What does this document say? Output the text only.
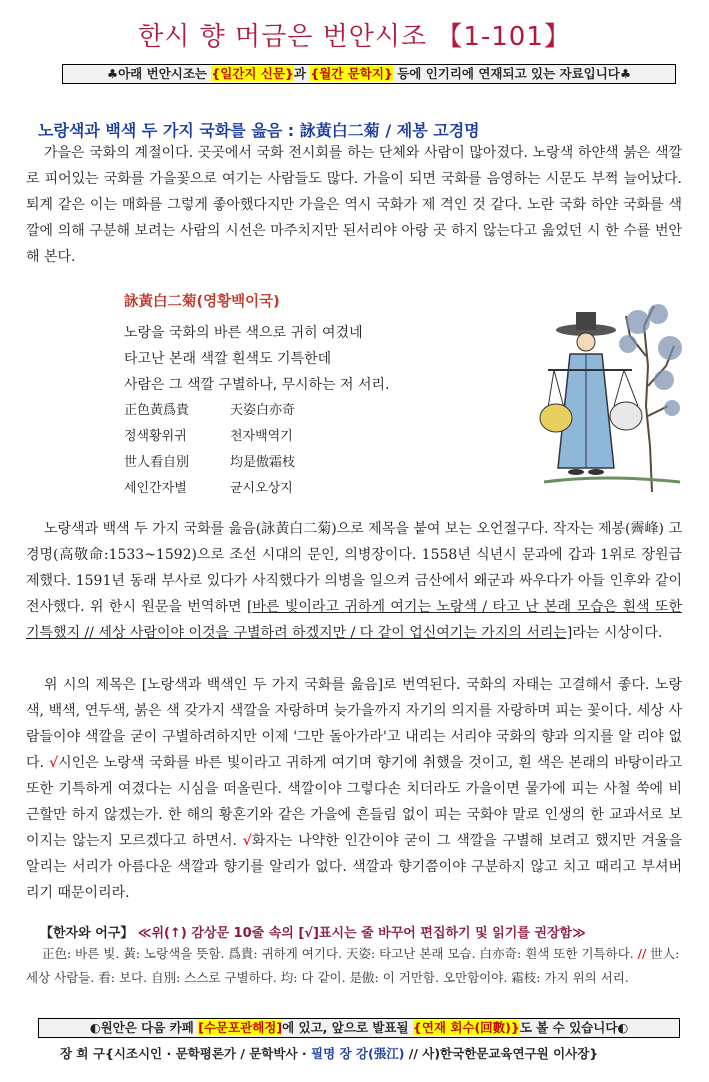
한시 향 머금은 번안시조 【1-101】
♣아래 번안시조는 {일간지 신문}과 {월간 문학지} 등에 인기리에 연재되고 있는 자료입니다♣
노랑색과 백색 두 가지 국화를 읊음 : 詠黃白二菊 / 제봉 고경명

가을은 국화의 계절이다. 곳곳에서 국화 전시회를 하는 단체와 사람이 많아졌다. 노랑색 하얀색 붉은 색깔로 피어있는 국화를 가을꽃으로 여기는 사람들도 많다. 가을이 되면 국화를 음영하는 시문도 부쩍 늘어났다. 퇴계 같은 이는 매화를 그렇게 좋아했다지만 가을은 역시 국화가 제 격인 것 같다. 노란 국화 하얀 국화를 색깔에 의해 구분해 보려는 사람의 시선은 마주치지만 된서리야 아랑 곳 하지 않는다고 읊었던 시 한 수를 번안해 본다.

詠黃白二菊(영황백이국)
노랑을 국화의 바른 색으로 귀히 여겼네
타고난 본래 색깔 흰색도 기특한데
사람은 그 색깔 구별하나, 무시하는 저 서리.
正色黃爲貴	天姿白亦奇
정색황위귀	천자백역기
世人看自別	均是傲霜枝
세인간자별	균시오상지

노랑색과 백색 두 가지 국화를 읊음(詠黃白二菊)으로 제목을 붙여 보는 오언절구다. 작자는 제봉(霽峰) 고경명(高敬命:1533~1592)으로 조선 시대의 문인, 의병장이다. 1558년 식년시 문과에 갑과 1위로 장원급제했다. 1591년 동래 부사로 있다가 사직했다가 의병을 일으켜 금산에서 왜군과 싸우다가 아들 인후와 같이 전사했다. 위 한시 원문을 번역하면 [바른 빛이라고 귀하게 여기는 노랑색 / 타고 난 본래 모습은 흰색 또한 기특했지 // 세상 사람이야 이것을 구별하려 하겠지만 / 다 같이 업신여기는 가지의 서리는]라는 시상이다.

위 시의 제목은 [노랑색과 백색인 두 가지 국화를 읊음]로 번역된다. 국화의 자태는 고결해서 좋다. 노랑색, 백색, 연두색, 붉은 색 갖가지 색깔을 자랑하며 늦가을까지 자기의 의지를 자랑하며 피는 꽃이다. 세상 사람들이야 색깔을 굳이 구별하려하지만 이제 '그만 돌아가라'고 내리는 서리야 국화의 향과 의지를 알 리야 없다. √시인은 노랑색 국화를 바른 빛이라고 귀하게 여기며 향기에 취했을 것이고, 흰 색은 본래의 바탕이라고 또한 기특하게 여겼다는 시심을 떠올린다. 색깔이야 그렇다손 치더라도 가을이면 물가에 피는 사철 쑥에 비근할만 하지 않겠는가. 한 해의 황혼기와 같은 가을에 흔들림 없이 피는 국화야 말로 인생의 한 교과서로 보이지는 않는지 모르겠다고 하면서. √화자는 나약한 인간이야 굳이 그 색깔을 구별해 보려고 했지만 겨울을 알리는 서리가 아름다운 색깔과 향기를 알리가 없다. 색깔과 향기쯤이야 구분하지 않고 치고 때리고 부셔버리기 때문이리라.

【한자와 어구】 ≪위(↑) 감상문 10줄 속의 [√]표시는 줄 바꾸어 편집하기 및 읽기를 권장함≫

正色: 바른 빛. 黃: 노랑색을 뜻함. 爲貴: 귀하게 여기다. 天姿: 타고난 본래 모습. 白亦奇: 흰색 또한 기특하다. // 世人: 세상 사람들. 看: 보다. 自別: 스스로 구별하다. 均: 다 같이. 是傲: 이 거만함. 오만함이야. 霜枝: 가지 위의 서리.

◐원안은 다음 카페 [수문포관해정]에 있고, 앞으로 발표될 {연재 회수(回數)}도 볼 수 있습니다◐
장 희 구{시조시인 · 문학평론가 / 문학박사 · 필명 장 강(張江) // 사)한국한문교육연구원 이사장}
